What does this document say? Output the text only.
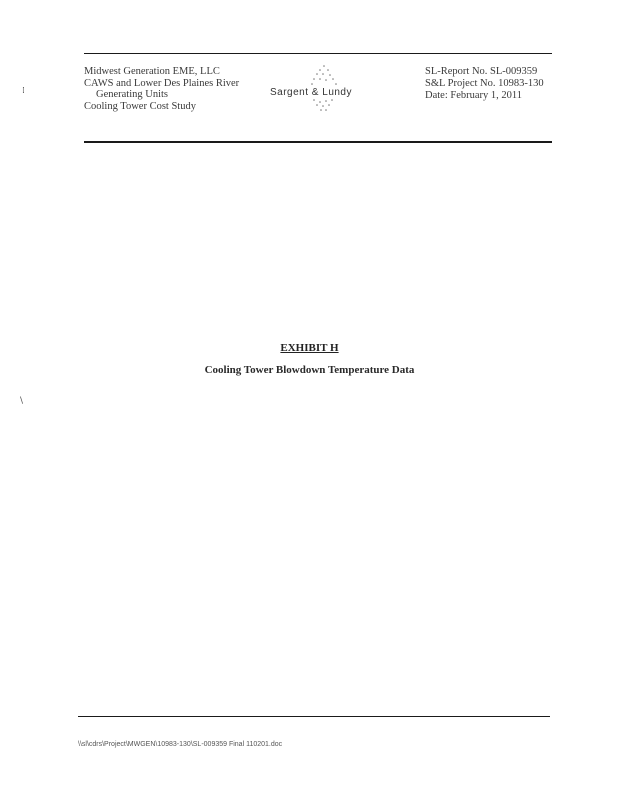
Midwest Generation EME, LLC
CAWS and Lower Des Plaines River
Generating Units
Cooling Tower Cost Study
Sargent & Lundy
SL-Report No. SL-009359
S&L Project No. 10983-130
Date: February 1, 2011
⁞
\
EXHIBIT H
Cooling Tower Blowdown Temperature Data
\\sl\cdrs\Project\MWGEN\10983-130\SL-009359 Final 110201.doc
